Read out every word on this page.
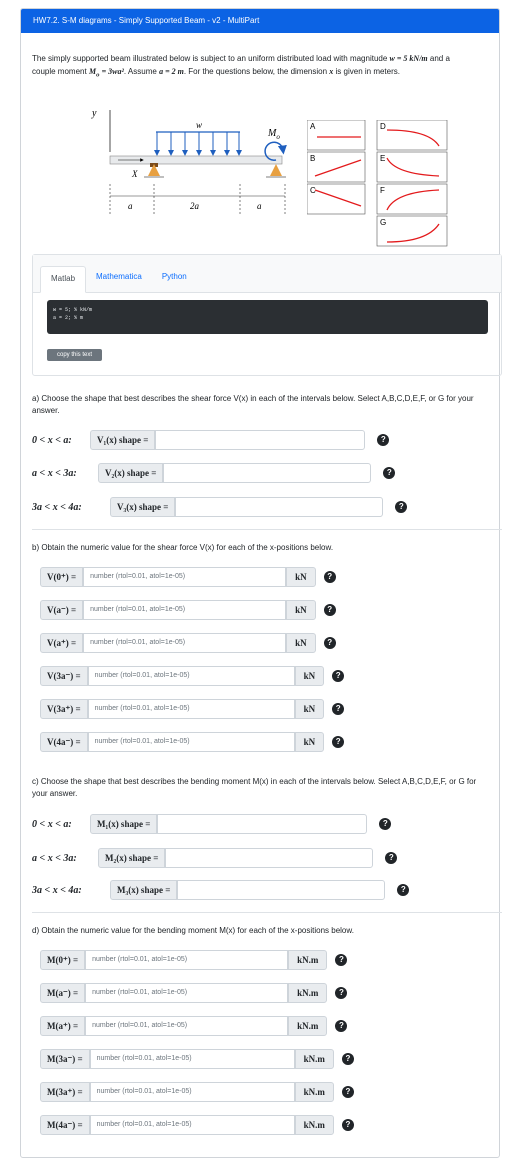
HW7.2. S-M diagrams - Simply Supported Beam - v2 - MultiPart
The simply supported beam illustrated below is subject to an uniform distributed load with magnitude w = 5 kN/m and a couple moment $M_o = 3wa^2$. Assume a = 2 m. For the questions below, the dimension x is given in meters.
y
w
X
$M_o$
a	2a	a
A
B
C
D
E
F
G
Matlab	Mathematica	Python
w = 5; % kN/m
a = 2; % m
copy this text
a) Choose the shape that best describes the shear force V(x) in each of the intervals below. Select A,B,C,D,E,F, or G for your answer.
0 < x < a:	V₁(x) shape =	?
a < x < 3a:	V₂(x) shape =	?
3a < x < 4a:	V₃(x) shape =	?
b) Obtain the numeric value for the shear force V(x) for each of the x-positions below.
V(0⁺) =	number (rtol=0.01, atol=1e-05)	kN	?
V(a⁻) =	number (rtol=0.01, atol=1e-05)	kN	?
V(a⁺) =	number (rtol=0.01, atol=1e-05)	kN	?
V(3a⁻) =	number (rtol=0.01, atol=1e-05)	kN	?
V(3a⁺) =	number (rtol=0.01, atol=1e-05)	kN	?
V(4a⁻) =	number (rtol=0.01, atol=1e-05)	kN	?
c) Choose the shape that best describes the bending moment M(x) in each of the intervals below. Select A,B,C,D,E,F, or G for your answer.
0 < x < a:	M₁(x) shape =	?
a < x < 3a:	M₂(x) shape =	?
3a < x < 4a:	M₃(x) shape =	?
d) Obtain the numeric value for the bending moment M(x) for each of the x-positions below.
M(0⁺) =	number (rtol=0.01, atol=1e-05)	kN.m	?
M(a⁻) =	number (rtol=0.01, atol=1e-05)	kN.m	?
M(a⁺) =	number (rtol=0.01, atol=1e-05)	kN.m	?
M(3a⁻) =	number (rtol=0.01, atol=1e-05)	kN.m	?
M(3a⁺) =	number (rtol=0.01, atol=1e-05)	kN.m	?
M(4a⁻) =	number (rtol=0.01, atol=1e-05)	kN.m	?
